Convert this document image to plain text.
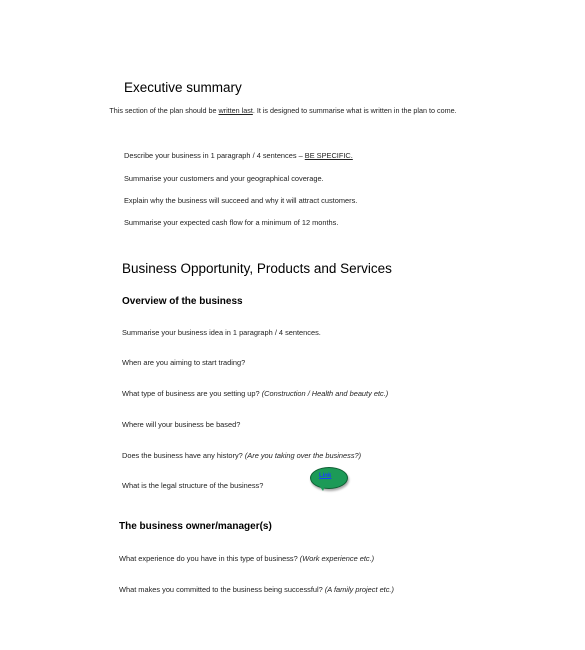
Executive summary
This section of the plan should be written last. It is designed to summarise what is written in the plan to come.
Describe your business in 1 paragraph / 4 sentences – BE SPECIFIC.
Summarise your customers and your geographical coverage.
Explain why the business will succeed and why it will attract customers.
Summarise your expected cash flow for a minimum of 12 months.
Business Opportunity, Products and Services
Overview of the business
Summarise your business idea in 1 paragraph / 4 sentences.
When are you aiming to start trading?
What type of business are you setting up? (Construction / Health and beauty etc.)
Where will your business be based?
Does the business have any history? (Are you taking over the business?)
What is the legal structure of the business?
Link
The business owner/manager(s)
What experience do you have in this type of business? (Work experience etc.)
What makes you committed to the business being successful? (A family project etc.)
